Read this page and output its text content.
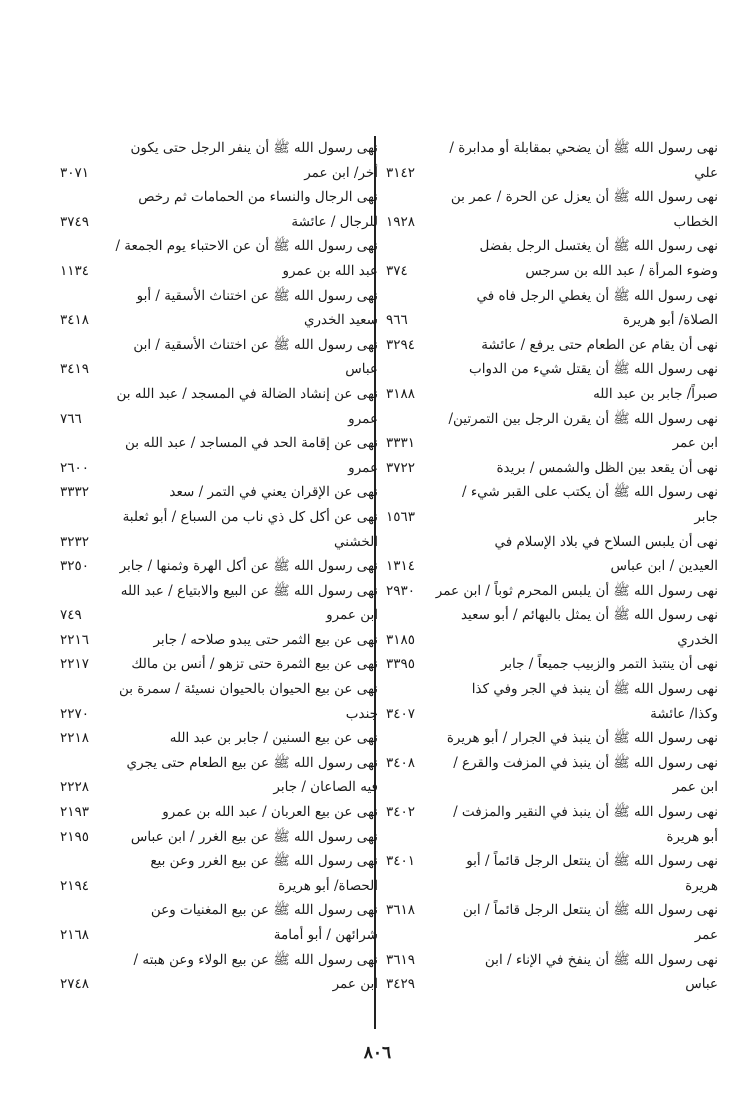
نهى رسول الله ﷺ أن يضحي بمقابلة أو مدابرة /
علي
٣١٤٢
نهى رسول الله ﷺ أن يعزل عن الحرة / عمر بن
الخطاب
١٩٢٨
نهى رسول الله ﷺ أن يغتسل الرجل بفضل
وضوء المرأة / عبد الله بن سرجس
٣٧٤
نهى رسول الله ﷺ أن يغطي الرجل فاه في
الصلاة/ أبو هريرة
٩٦٦
نهى أن يقام عن الطعام حتى يرفع / عائشة
٣٢٩٤
نهى رسول الله ﷺ أن يقتل شيء من الدواب
صبراً/ جابر بن عبد الله
٣١٨٨
نهى رسول الله ﷺ أن يقرن الرجل بين التمرتين/
ابن عمر
٣٣٣١
نهى أن يقعد بين الظل والشمس / بريدة
٣٧٢٢
نهى رسول الله ﷺ أن يكتب على القبر شيء /
جابر
١٥٦٣
نهى أن يلبس السلاح في بلاد الإسلام في
العيدين / ابن عباس
١٣١٤
نهى رسول الله ﷺ أن يلبس المحرم ثوباً / ابن عمر
٢٩٣٠
نهى رسول الله ﷺ أن يمثل بالبهائم / أبو سعيد
الخدري
٣١٨٥
نهى أن ينتبذ التمر والزبيب جميعاً / جابر
٣٣٩٥
نهى رسول الله ﷺ أن ينبذ في الجر وفي كذا
وكذا/ عائشة
٣٤٠٧
نهى رسول الله ﷺ أن ينبذ في الجرار / أبو هريرة
نهى رسول الله ﷺ أن ينبذ في المزفت والقرع /
٣٤٠٨
ابن عمر
نهى رسول الله ﷺ أن ينبذ في النقير والمزفت /
٣٤٠٢
أبو هريرة
نهى رسول الله ﷺ أن ينتعل الرجل قائماً / أبو
٣٤٠١
هريرة
نهى رسول الله ﷺ أن ينتعل الرجل قائماً / ابن
٣٦١٨
عمر
نهى رسول الله ﷺ أن ينفخ في الإناء / ابن
٣٦١٩
عباس
٣٤٢٩
نهى رسول الله ﷺ أن ينفر الرجل حتى يكون
أخر/ ابن عمر
٣٠٧١
نهى الرجال والنساء من الحمامات ثم رخص
للرجال / عائشة
٣٧٤٩
نهى رسول الله ﷺ أن عن الاحتباء يوم الجمعة /
عبد الله بن عمرو
١١٣٤
نهى رسول الله ﷺ عن اختناث الأسقية / أبو
سعيد الخدري
٣٤١٨
نهى رسول الله ﷺ عن اختناث الأسقية / ابن
عباس
٣٤١٩
نهى عن إنشاد الضالة في المسجد / عبد الله بن
عمرو
٧٦٦
نهى عن إقامة الحد في المساجد / عبد الله بن
عمرو
٢٦٠٠
نهى عن الإقران يعني في التمر / سعد
٣٣٣٢
نهى عن أكل كل ذي ناب من السباع / أبو ثعلبة
الخشني
٣٢٣٢
نهى رسول الله ﷺ عن أكل الهرة وثمنها / جابر
٣٢٥٠
نهى رسول الله ﷺ عن البيع والابتياع / عبد الله
ابن عمرو
٧٤٩
نهى عن بيع الثمر حتى يبدو صلاحه / جابر
٢٢١٦
نهى عن بيع الثمرة حتى تزهو / أنس بن مالك
٢٢١٧
نهى عن بيع الحيوان بالحيوان نسيئة / سمرة بن
جندب
٢٢٧٠
نهى عن بيع السنين / جابر بن عبد الله
٢٢١٨
نهى رسول الله ﷺ عن بيع الطعام حتى يجري
فيه الصاعان / جابر
٢٢٢٨
نهى عن بيع العربان / عبد الله بن عمرو
٢١٩٣
نهى رسول الله ﷺ عن بيع الغرر / ابن عباس
٢١٩٥
نهى رسول الله ﷺ عن بيع الغرر وعن بيع
الحصاة/ أبو هريرة
٢١٩٤
نهى رسول الله ﷺ عن بيع المغنيات وعن
شرائهن / أبو أمامة
٢١٦٨
نهى رسول الله ﷺ عن بيع الولاء وعن هبته /
ابن عمر
٢٧٤٨
٨٠٦
